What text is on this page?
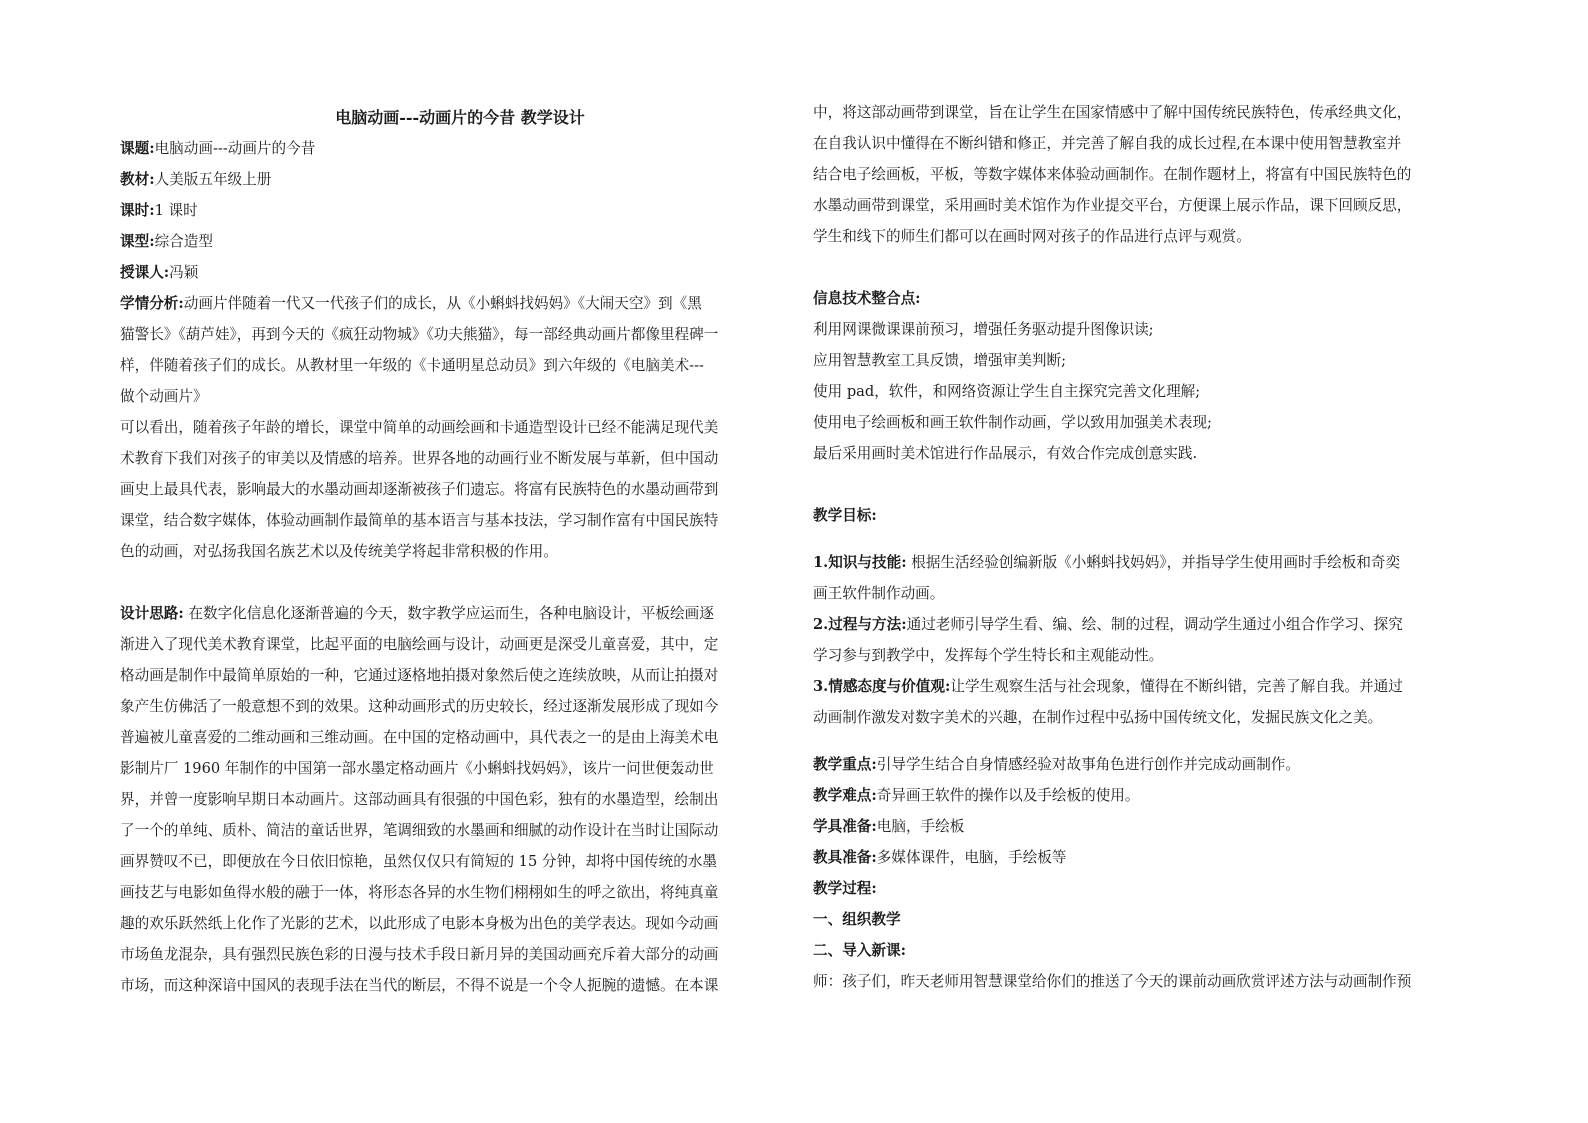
电脑动画---动画片的今昔 教学设计

课题:电脑动画---动画片的今昔

教材:人美版五年级上册

课时:1 课时

课型:综合造型

授课人:冯颖

学情分析:动画片伴随着一代又一代孩子们的成长，从《小蝌蚪找妈妈》《大闹天空》到《黑

猫警长》《葫芦娃》，再到今天的《疯狂动物城》《功夫熊猫》，每一部经典动画片都像里程碑一

样，伴随着孩子们的成长。从教材里一年级的《卡通明星总动员》到六年级的《电脑美术---

做个动画片》

可以看出，随着孩子年龄的增长，课堂中简单的动画绘画和卡通造型设计已经不能满足现代美

术教育下我们对孩子的审美以及情感的培养。世界各地的动画行业不断发展与革新，但中国动

画史上最具代表，影响最大的水墨动画却逐渐被孩子们遗忘。将富有民族特色的水墨动画带到

课堂，结合数字媒体，体验动画制作最简单的基本语言与基本技法，学习制作富有中国民族特

色的动画，对弘扬我国名族艺术以及传统美学将起非常积极的作用。

设计思路: 在数字化信息化逐渐普遍的今天，数字教学应运而生，各种电脑设计，平板绘画逐

渐进入了现代美术教育课堂，比起平面的电脑绘画与设计，动画更是深受儿童喜爱，其中，定

格动画是制作中最简单原始的一种，它通过逐格地拍摄对象然后使之连续放映，从而让拍摄对

象产生仿佛活了一般意想不到的效果。这种动画形式的历史较长，经过逐渐发展形成了现如今

普遍被儿童喜爱的二维动画和三维动画。在中国的定格动画中，具代表之一的是由上海美术电

影制片厂 1960 年制作的中国第一部水墨定格动画片《小蝌蚪找妈妈》，该片一问世便轰动世

界，并曾一度影响早期日本动画片。这部动画具有很强的中国色彩，独有的水墨造型，绘制出

了一个的单纯、质朴、简洁的童话世界，笔调细致的水墨画和细腻的动作设计在当时让国际动

画界赞叹不已，即便放在今日依旧惊艳，虽然仅仅只有简短的 15 分钟，却将中国传统的水墨

画技艺与电影如鱼得水般的融于一体，将形态各异的水生物们栩栩如生的呼之欲出，将纯真童

趣的欢乐跃然纸上化作了光影的艺术，以此形成了电影本身极为出色的美学表达。现如今动画

市场鱼龙混杂，具有强烈民族色彩的日漫与技术手段日新月异的美国动画充斥着大部分的动画

市场，而这种深谙中国风的表现手法在当代的断层，不得不说是一个令人扼腕的遗憾。在本课

中，将这部动画带到课堂，旨在让学生在国家情感中了解中国传统民族特色，传承经典文化，

在自我认识中懂得在不断纠错和修正，并完善了解自我的成长过程,在本课中使用智慧教室并

结合电子绘画板，平板，等数字媒体来体验动画制作。在制作题材上，将富有中国民族特色的

水墨动画带到课堂，采用画时美术馆作为作业提交平台，方便课上展示作品，课下回顾反思，

学生和线下的师生们都可以在画时网对孩子的作品进行点评与观赏。

信息技术整合点:

利用网课微课课前预习，增强任务驱动提升图像识读;

应用智慧教室工具反馈，增强审美判断;

使用 pad，软件，和网络资源让学生自主探究完善文化理解;

使用电子绘画板和画王软件制作动画，学以致用加强美术表现;

最后采用画时美术馆进行作品展示，有效合作完成创意实践.

教学目标:

1.知识与技能: 根据生活经验创编新版《小蝌蚪找妈妈》，并指导学生使用画时手绘板和奇奕

画王软件制作动画。

2.过程与方法:通过老师引导学生看、编、绘、制的过程，调动学生通过小组合作学习、探究

学习参与到教学中，发挥每个学生特长和主观能动性。

3.情感态度与价值观:让学生观察生活与社会现象，懂得在不断纠错，完善了解自我。并通过

动画制作激发对数字美术的兴趣，在制作过程中弘扬中国传统文化，发掘民族文化之美。

教学重点:引导学生结合自身情感经验对故事角色进行创作并完成动画制作。

教学难点:奇异画王软件的操作以及手绘板的使用。

学具准备:电脑，手绘板

教具准备:多媒体课件，电脑，手绘板等

教学过程:

一、组织教学

二、导入新课:

师：孩子们，昨天老师用智慧课堂给你们的推送了今天的课前动画欣赏评述方法与动画制作预
